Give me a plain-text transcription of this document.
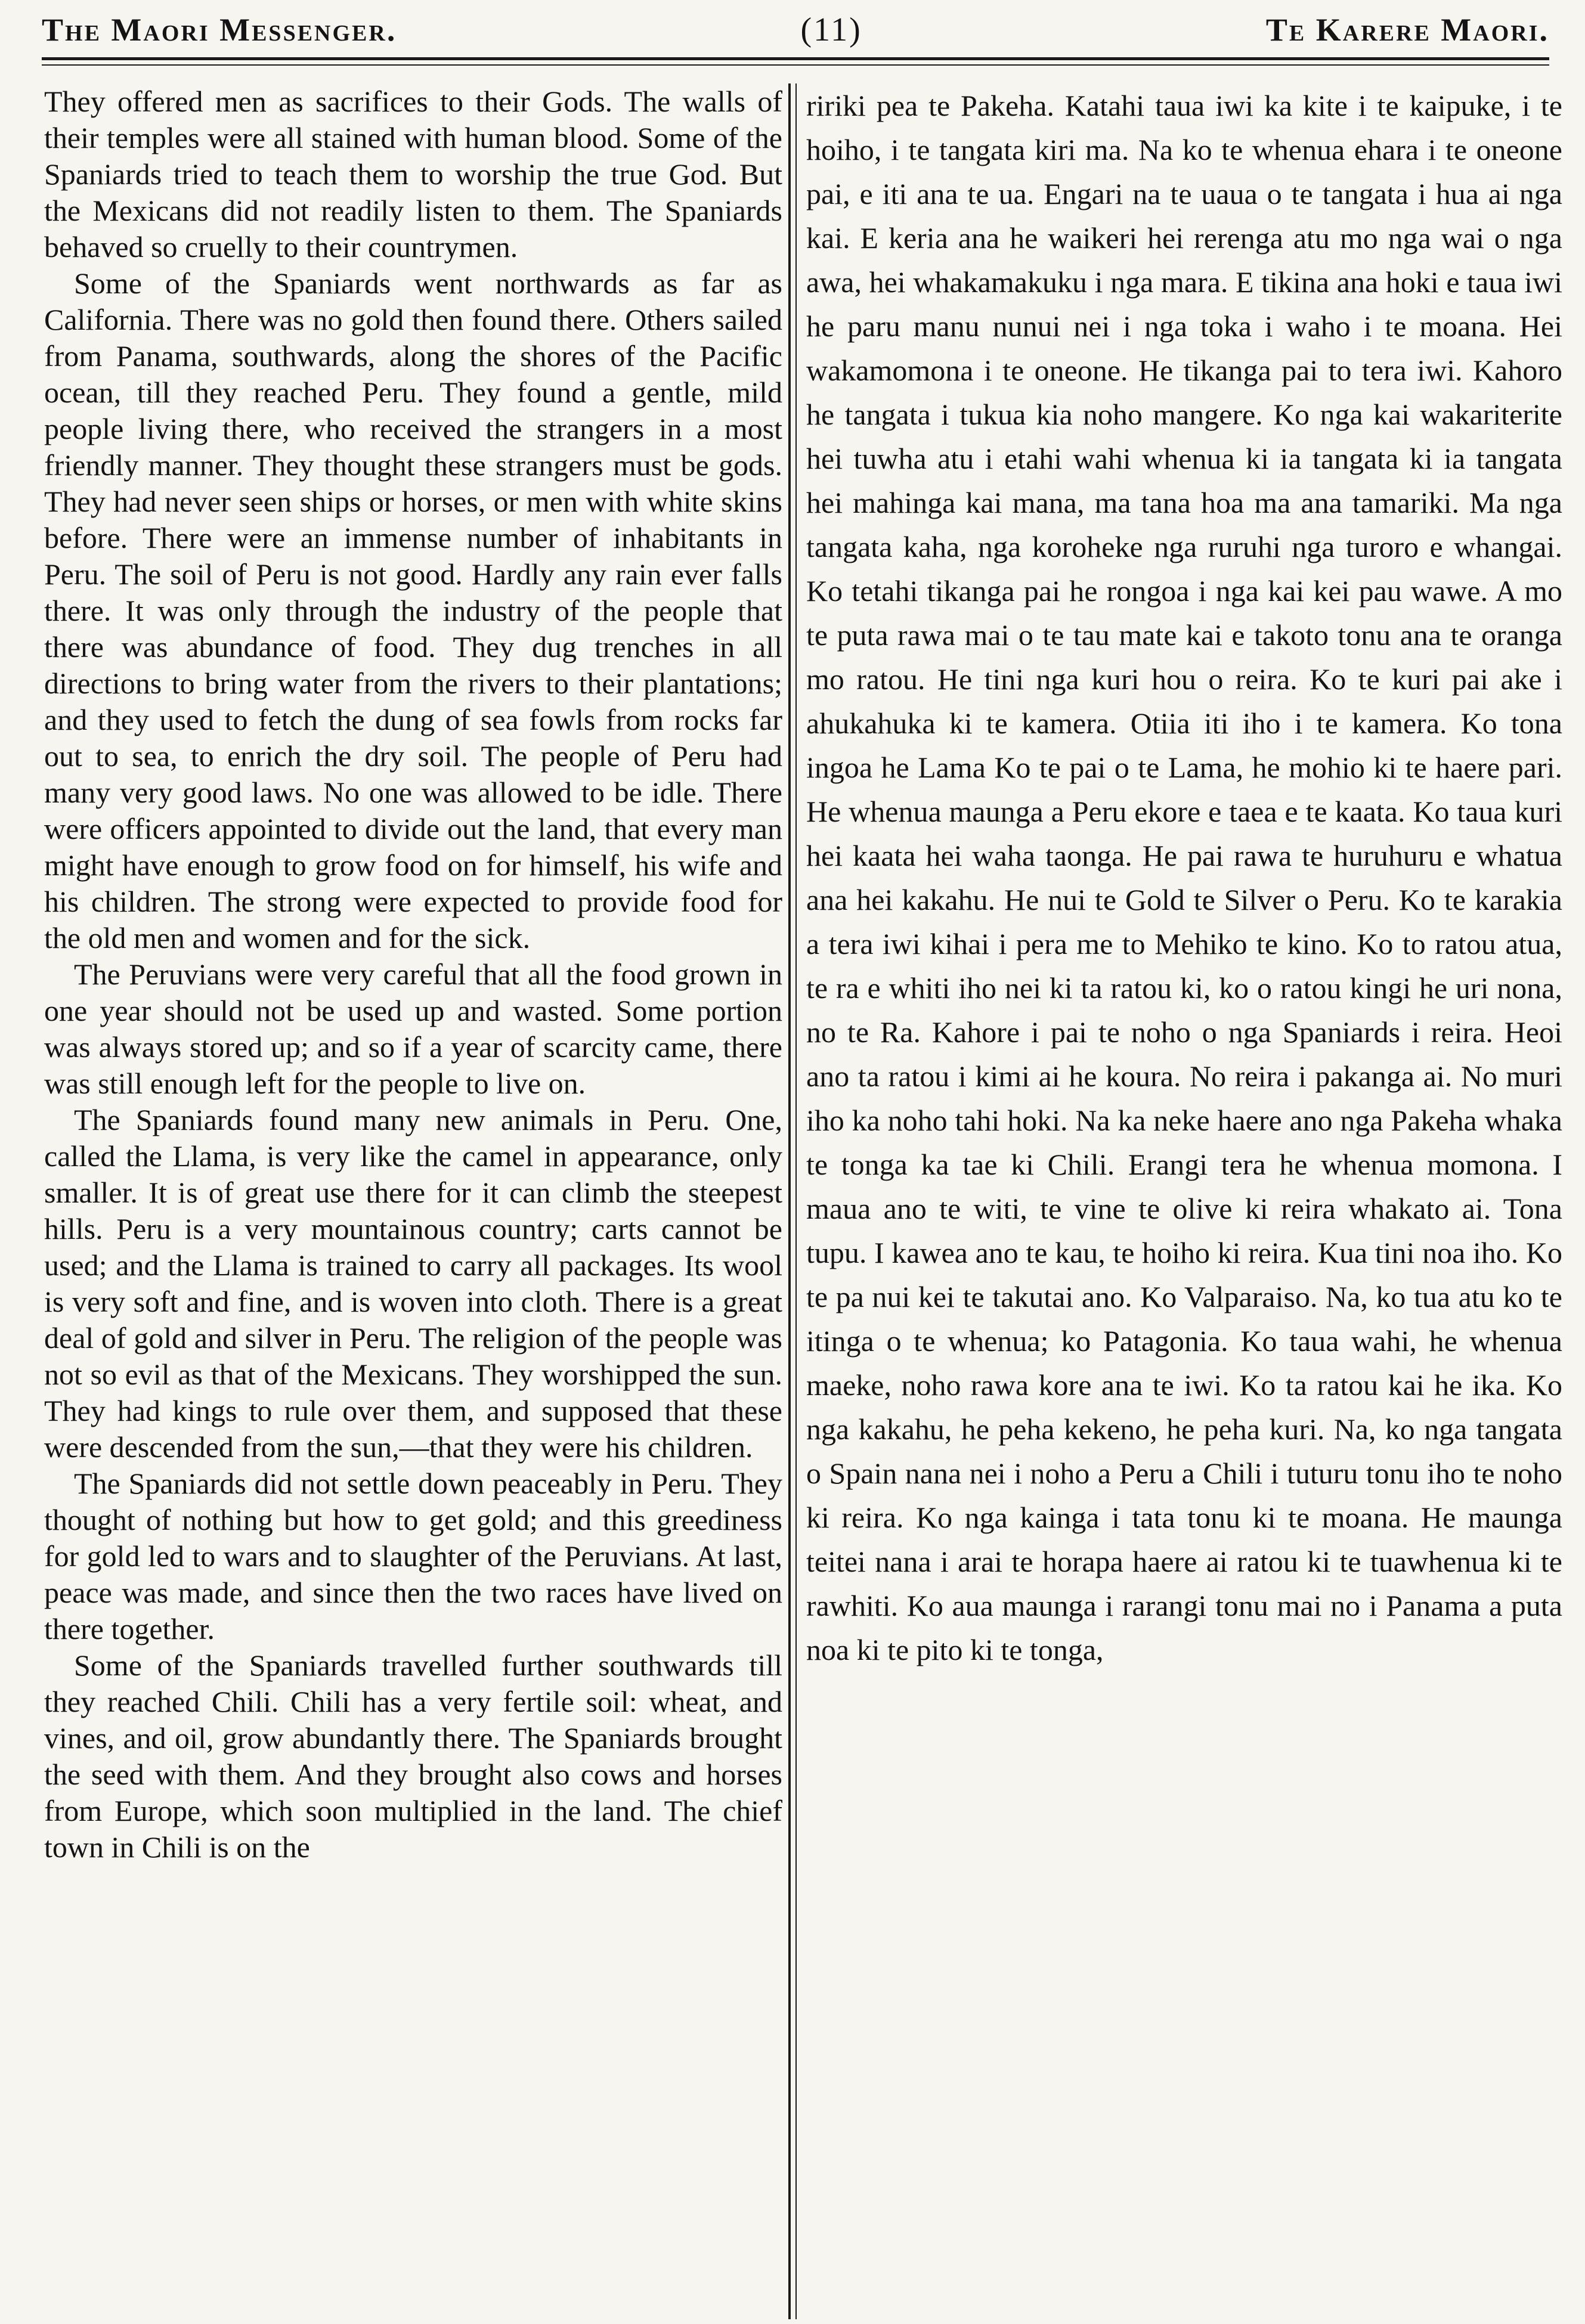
The Maori Messenger.	(11)	Te Karere Maori.

They offered men as sacrifices to their Gods. The walls of their temples were all stained with human blood. Some of the Spaniards tried to teach them to worship the true God. But the Mexicans did not readily listen to them. The Spaniards behaved so cruelly to their countrymen.

Some of the Spaniards went northwards as far as California. There was no gold then found there. Others sailed from Panama, southwards, along the shores of the Pacific ocean, till they reached Peru. They found a gentle, mild people living there, who received the strangers in a most friendly manner. They thought these strangers must be gods. They had never seen ships or horses, or men with white skins before. There were an immense number of inhabitants in Peru. The soil of Peru is not good. Hardly any rain ever falls there. It was only through the industry of the people that there was abundance of food. They dug trenches in all directions to bring water from the rivers to their plantations; and they used to fetch the dung of sea fowls from rocks far out to sea, to enrich the dry soil. The people of Peru had many very good laws. No one was allowed to be idle. There were officers appointed to divide out the land, that every man might have enough to grow food on for himself, his wife and his children. The strong were expected to provide food for the old men and women and for the sick.

The Peruvians were very careful that all the food grown in one year should not be used up and wasted. Some portion was always stored up; and so if a year of scarcity came, there was still enough left for the people to live on.

The Spaniards found many new animals in Peru. One, called the Llama, is very like the camel in appearance, only smaller. It is of great use there for it can climb the steepest hills. Peru is a very mountainous country; carts cannot be used; and the Llama is trained to carry all packages. Its wool is very soft and fine, and is woven into cloth. There is a great deal of gold and silver in Peru. The religion of the people was not so evil as that of the Mexicans. They worshipped the sun. They had kings to rule over them, and supposed that these were descended from the sun,—that they were his children.

The Spaniards did not settle down peaceably in Peru. They thought of nothing but how to get gold; and this greediness for gold led to wars and to slaughter of the Peruvians. At last, peace was made, and since then the two races have lived on there together.

Some of the Spaniards travelled further southwards till they reached Chili. Chili has a very fertile soil: wheat, and vines, and oil, grow abundantly there. The Spaniards brought the seed with them. And they brought also cows and horses from Europe, which soon multiplied in the land. The chief town in Chili is on the

ririki pea te Pakeha. Katahi taua iwi ka kite i te kaipuke, i te hoiho, i te tangata kiri ma. Na ko te whenua ehara i te oneone pai, e iti ana te ua. Engari na te uaua o te tangata i hua ai nga kai. E keria ana he waikeri hei rerenga atu mo nga wai o nga awa, hei whakamakuku i nga mara. E tikina ana hoki e taua iwi he paru manu nunui nei i nga toka i waho i te moana. Hei wakamomona i te oneone. He tikanga pai to tera iwi. Kahoro he tangata i tukua kia noho mangere. Ko nga kai wakariterite hei tuwha atu i etahi wahi whenua ki ia tangata ki ia tangata hei mahinga kai mana, ma tana hoa ma ana tamariki. Ma nga tangata kaha, nga koroheke nga ruruhi nga turoro e whangai. Ko tetahi tikanga pai he rongoa i nga kai kei pau wawe. A mo te puta rawa mai o te tau mate kai e takoto tonu ana te oranga mo ratou. He tini nga kuri hou o reira. Ko te kuri pai ake i ahukahuka ki te kamera. Otiia iti iho i te kamera. Ko tona ingoa he Lama Ko te pai o te Lama, he mohio ki te haere pari. He whenua maunga a Peru ekore e taea e te kaata. Ko taua kuri hei kaata hei waha taonga. He pai rawa te huruhuru e whatua ana hei kakahu. He nui te Gold te Silver o Peru. Ko te karakia a tera iwi kihai i pera me to Mehiko te kino. Ko to ratou atua, te ra e whiti iho nei ki ta ratou ki, ko o ratou kingi he uri nona, no te Ra. Kahore i pai te noho o nga Spaniards i reira. Heoi ano ta ratou i kimi ai he koura. No reira i pakanga ai. No muri iho ka noho tahi hoki. Na ka neke haere ano nga Pakeha whaka te tonga ka tae ki Chili. Erangi tera he whenua momona. I maua ano te witi, te vine te olive ki reira whakato ai. Tona tupu. I kawea ano te kau, te hoiho ki reira. Kua tini noa iho. Ko te pa nui kei te takutai ano. Ko Valparaiso. Na, ko tua atu ko te itinga o te whenua; ko Patagonia. Ko taua wahi, he whenua maeke, noho rawa kore ana te iwi. Ko ta ratou kai he ika. Ko nga kakahu, he peha kekeno, he peha kuri. Na, ko nga tangata o Spain nana nei i noho a Peru a Chili i tuturu tonu iho te noho ki reira. Ko nga kainga i tata tonu ki te moana. He maunga teitei nana i arai te horapa haere ai ratou ki te tuawhenua ki te rawhiti. Ko aua maunga i rarangi tonu mai no i Panama a puta noa ki te pito ki te tonga,
